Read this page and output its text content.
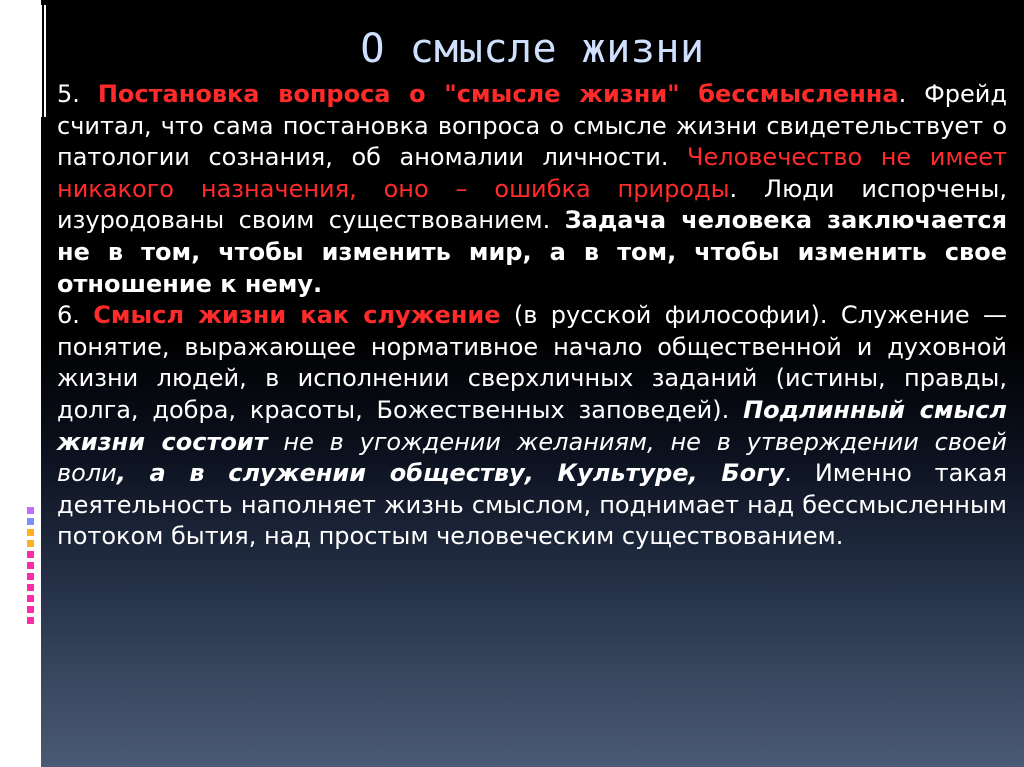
О смысле жизни

5. Постановка вопроса о "смысле жизни" бессмысленна. Фрейд считал, что сама постановка вопроса о смысле жизни свидетельствует о патологии сознания, об аномалии личности. Человечество не имеет никакого назначения, оно – ошибка природы. Люди испорчены, изуродованы своим существованием. Задача человека заключается не в том, чтобы изменить мир, а в том, чтобы изменить свое отношение к нему.

6. Смысл жизни как служение (в русской философии). Служение — понятие, выражающее нормативное начало общественной и духовной жизни людей, в исполнении сверхличных заданий (истины, правды, долга, добра, красоты, Божественных заповедей). Подлинный смысл жизни состоит не в угождении желаниям, не в утверждении своей воли, а в служении обществу, Культуре, Богу. Именно такая деятельность наполняет жизнь смыслом, поднимает над бессмысленным потоком бытия, над простым человеческим существованием.
